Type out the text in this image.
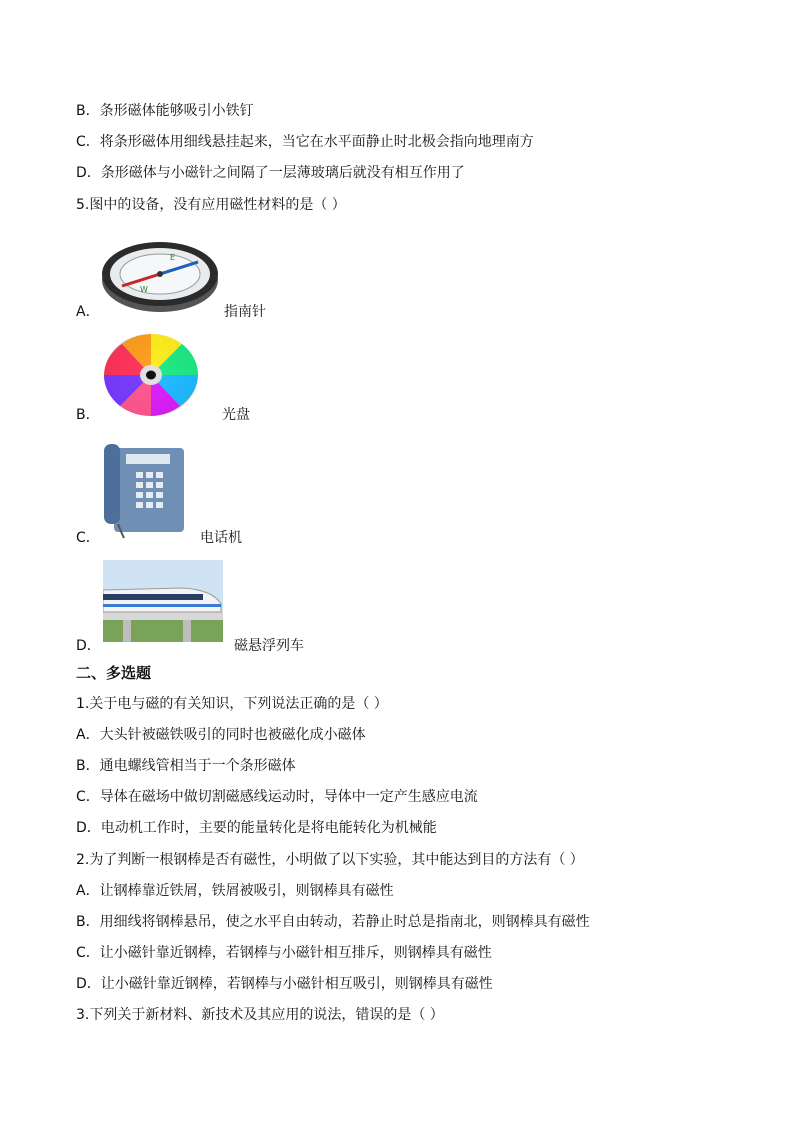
B．条形磁体能够吸引小铁钉
C．将条形磁体用细线悬挂起来，当它在水平面静止时北极会指向地理南方
D．条形磁体与小磁针之间隔了一层薄玻璃后就没有相互作用了
5.图中的设备，没有应用磁性材料的是（ ）
A．
E
W
指南针
B．	光盘
C．	电话机
D．	磁悬浮列车
二、多选题
1.关于电与磁的有关知识，下列说法正确的是（ ）
A．大头针被磁铁吸引的同时也被磁化成小磁体
B．通电螺线管相当于一个条形磁体
C．导体在磁场中做切割磁感线运动时，导体中一定产生感应电流
D．电动机工作时，主要的能量转化是将电能转化为机械能
2.为了判断一根钢棒是否有磁性，小明做了以下实验，其中能达到目的方法有（ ）
A．让钢棒靠近铁屑，铁屑被吸引，则钢棒具有磁性
B．用细线将钢棒悬吊，使之水平自由转动，若静止时总是指南北，则钢棒具有磁性
C．让小磁针靠近钢棒，若钢棒与小磁针相互排斥，则钢棒具有磁性
D．让小磁针靠近钢棒，若钢棒与小磁针相互吸引，则钢棒具有磁性
3.下列关于新材料、新技术及其应用的说法，错误的是（ ）
